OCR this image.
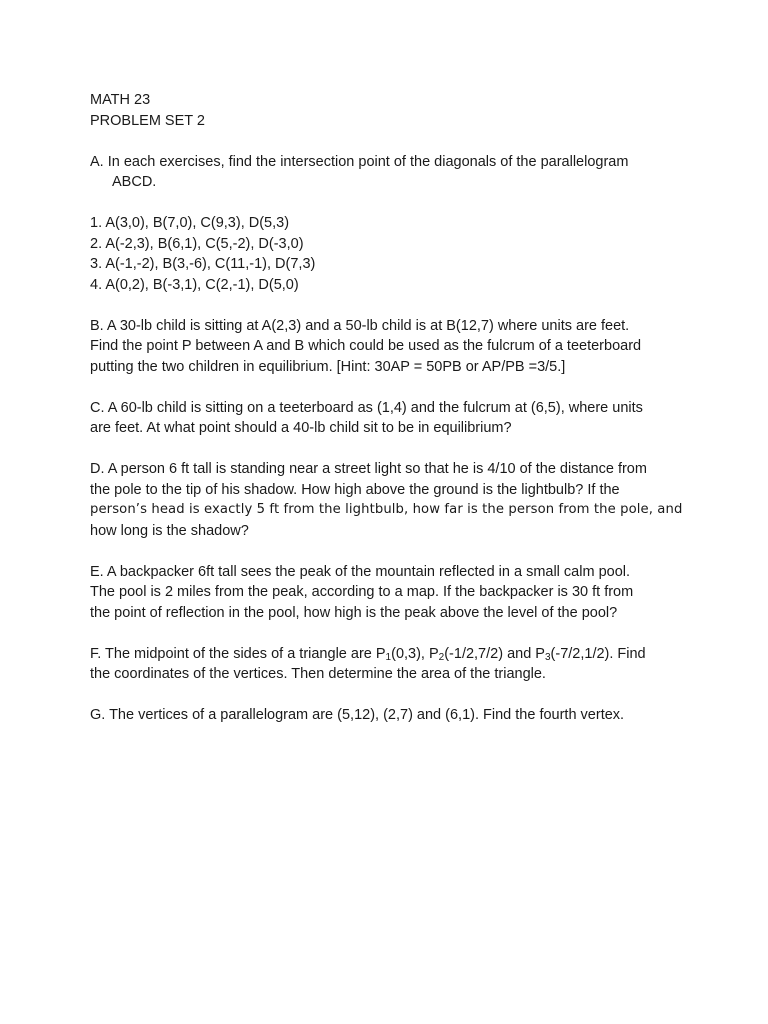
MATH 23
PROBLEM SET 2
A. In each exercises, find the intersection point of the diagonals of the parallelogram
ABCD.
1. A(3,0), B(7,0), C(9,3), D(5,3)
2. A(-2,3), B(6,1), C(5,-2), D(-3,0)
3. A(-1,-2), B(3,-6), C(11,-1), D(7,3)
4. A(0,2), B(-3,1), C(2,-1), D(5,0)
B. A 30-lb child is sitting at A(2,3) and a 50-lb child is at B(12,7) where units are feet.
Find the point P between A and B which could be used as the fulcrum of a teeterboard
putting the two children in equilibrium. [Hint: 30AP = 50PB or AP/PB =3/5.]
C. A 60-lb child is sitting on a teeterboard as (1,4) and the fulcrum at (6,5), where units
are feet. At what point should a 40-lb child sit to be in equilibrium?
D. A person 6 ft tall is standing near a street light so that he is 4/10 of the distance from
the pole to the tip of his shadow. How high above the ground is the lightbulb? If the
person’s head is exactly 5 ft from the lightbulb, how far is the person from the pole, and
how long is the shadow?
E. A backpacker 6ft tall sees the peak of the mountain reflected in a small calm pool.
The pool is 2 miles from the peak, according to a map. If the backpacker is 30 ft from
the point of reflection in the pool, how high is the peak above the level of the pool?
F. The midpoint of the sides of a triangle are $P_1(0,3)$, $P_2(-1/2,7/2)$ and $P_3(-7/2,1/2)$. Find
the coordinates of the vertices. Then determine the area of the triangle.
G. The vertices of a parallelogram are (5,12), (2,7) and (6,1). Find the fourth vertex.
